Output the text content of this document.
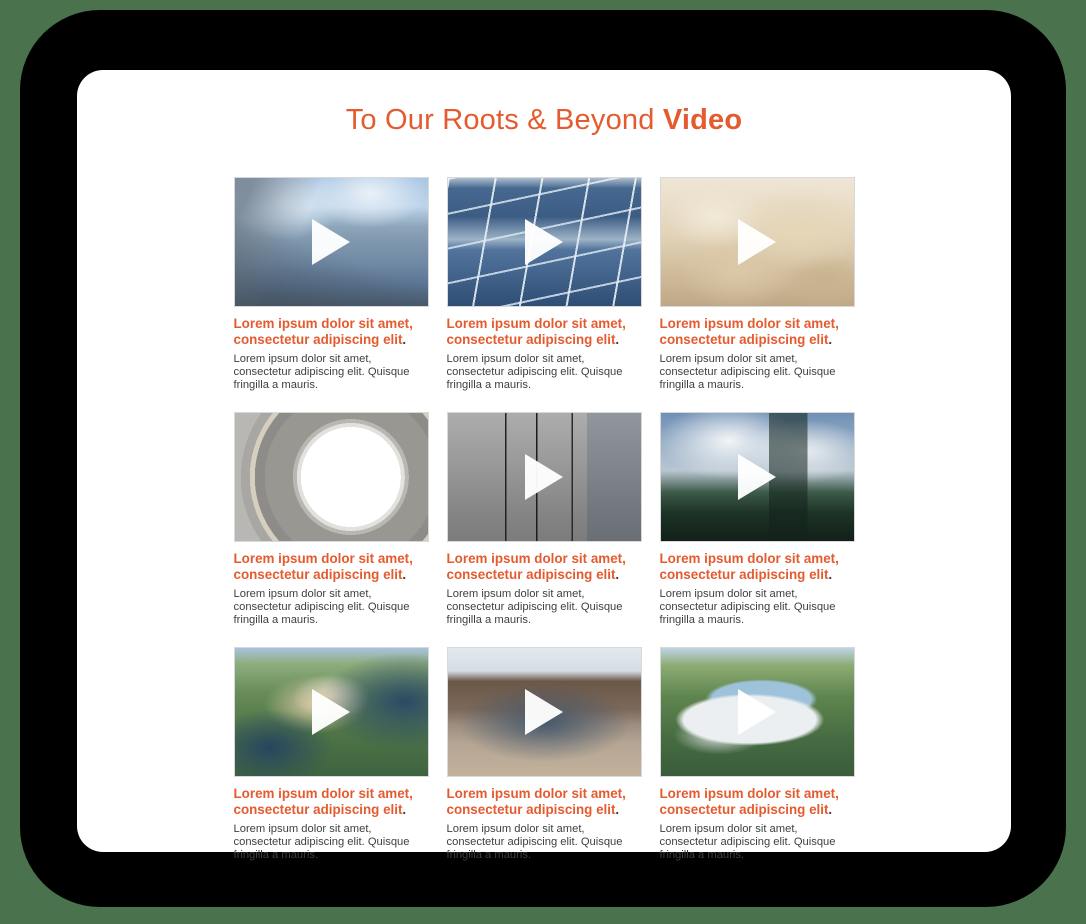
To Our Roots & Beyond Video
Lorem ipsum dolor sit amet, consectetur adipiscing elit.

Lorem ipsum dolor sit amet, consectetur adipiscing elit. Quisque fringilla a mauris.

Lorem ipsum dolor sit amet, consectetur adipiscing elit.

Lorem ipsum dolor sit amet, consectetur adipiscing elit. Quisque fringilla a mauris.

Lorem ipsum dolor sit amet, consectetur adipiscing elit.

Lorem ipsum dolor sit amet, consectetur adipiscing elit. Quisque fringilla a mauris.

Lorem ipsum dolor sit amet, consectetur adipiscing elit.

Lorem ipsum dolor sit amet, consectetur adipiscing elit. Quisque fringilla a mauris.

Lorem ipsum dolor sit amet, consectetur adipiscing elit.

Lorem ipsum dolor sit amet, consectetur adipiscing elit. Quisque fringilla a mauris.

Lorem ipsum dolor sit amet, consectetur adipiscing elit.

Lorem ipsum dolor sit amet, consectetur adipiscing elit. Quisque fringilla a mauris.

Lorem ipsum dolor sit amet, consectetur adipiscing elit.

Lorem ipsum dolor sit amet, consectetur adipiscing elit. Quisque fringilla a mauris.

Lorem ipsum dolor sit amet, consectetur adipiscing elit.

Lorem ipsum dolor sit amet, consectetur adipiscing elit. Quisque fringilla a mauris.

Lorem ipsum dolor sit amet, consectetur adipiscing elit.

Lorem ipsum dolor sit amet, consectetur adipiscing elit. Quisque fringilla a mauris.
